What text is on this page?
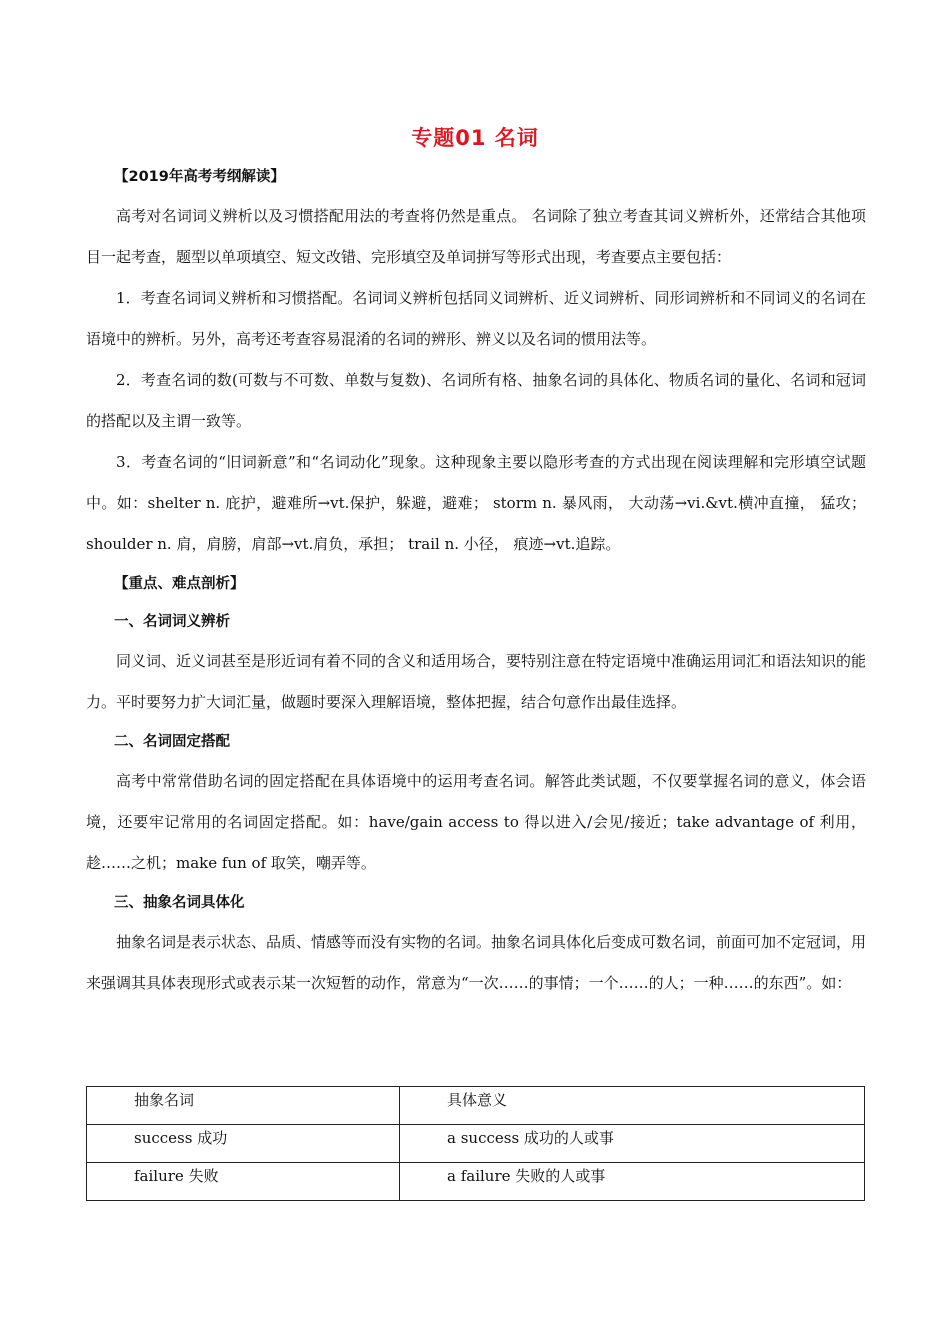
专题01 名词

【2019年高考考纲解读】

高考对名词词义辨析以及习惯搭配用法的考查将仍然是重点。 名词除了独立考查其词义辨析外，还常结合其他项目一起考查，题型以单项填空、短文改错、完形填空及单词拼写等形式出现，考查要点主要包括：

1．考查名词词义辨析和习惯搭配。名词词义辨析包括同义词辨析、近义词辨析、同形词辨析和不同词义的名词在语境中的辨析。另外，高考还考查容易混淆的名词的辨形、辨义以及名词的惯用法等。

2．考查名词的数(可数与不可数、单数与复数)、名词所有格、抽象名词的具体化、物质名词的量化、名词和冠词的搭配以及主谓一致等。

3．考查名词的“旧词新意”和“名词动化”现象。这种现象主要以隐形考查的方式出现在阅读理解和完形填空试题中。如：shelter n. 庇护，避难所→vt.保护，躲避，避难； storm n. 暴风雨， 大动荡→vi.&vt.横冲直撞， 猛攻； shoulder n. 肩，肩膀，肩部→vt.肩负，承担； trail n. 小径， 痕迹→vt.追踪。

【重点、难点剖析】

一、名词词义辨析

同义词、近义词甚至是形近词有着不同的含义和适用场合，要特别注意在特定语境中准确运用词汇和语法知识的能力。平时要努力扩大词汇量，做题时要深入理解语境，整体把握，结合句意作出最佳选择。

二、名词固定搭配

高考中常常借助名词的固定搭配在具体语境中的运用考查名词。解答此类试题，不仅要掌握名词的意义，体会语境，还要牢记常用的名词固定搭配。如：have/gain access to 得以进入/会见/接近；take advantage of 利用，趁……之机；make fun of 取笑，嘲弄等。

三、抽象名词具体化

抽象名词是表示状态、品质、情感等而没有实物的名词。抽象名词具体化后变成可数名词，前面可加不定冠词，用来强调其具体表现形式或表示某一次短暂的动作，常意为“一次……的事情；一个……的人；一种……的东西”。如：

抽象名词	具体意义
success 成功	a success 成功的人或事
failure 失败	a failure 失败的人或事
